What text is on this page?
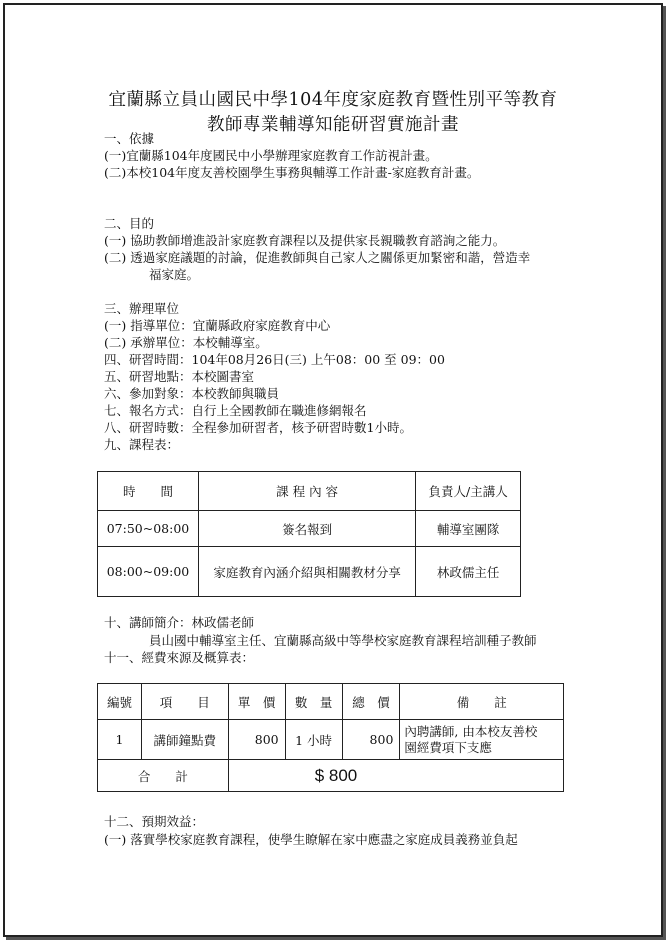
宜蘭縣立員山國民中學104年度家庭教育暨性別平等教育
教師專業輔導知能研習實施計畫
一、依據
(一)宜蘭縣104年度國民中小學辦理家庭教育工作訪視計畫。
(二)本校104年度友善校園學生事務與輔導工作計畫-家庭教育計畫。
二、目的
(一) 協助教師增進設計家庭教育課程以及提供家長親職教育諮詢之能力。
(二) 透過家庭議題的討論，促進教師與自己家人之關係更加緊密和諧，營造幸
福家庭。
三、辦理單位
(一) 指導單位：宜蘭縣政府家庭教育中心
(二) 承辦單位：本校輔導室。
四、研習時間：104年08月26日(三) 上午08：00 至 09：00
五、研習地點：本校圖書室
六、參加對象：本校教師與職員
七、報名方式：自行上全國教師在職進修網報名
八、研習時數：全程參加研習者，核予研習時數1小時。
九、課程表：
時　　間	課 程 內 容	負責人/主講人
07:50~08:00	簽名報到	輔導室團隊
08:00~09:00	家庭教育內涵介紹與相關教材分享	林政儒主任
十、講師簡介：林政儒老師
員山國中輔導室主任、宜蘭縣高級中等學校家庭教育課程培訓種子教師
十一、經費來源及概算表：
編號	項　　目	單　價	數　量	總　價	備　　註
1	講師鐘點費	800	1 小時	800	內聘講師, 由本校友善校
園經費項下支應

合　　計		$ 800			
十二、預期效益：
(一) 落實學校家庭教育課程，使學生瞭解在家中應盡之家庭成員義務並負起
